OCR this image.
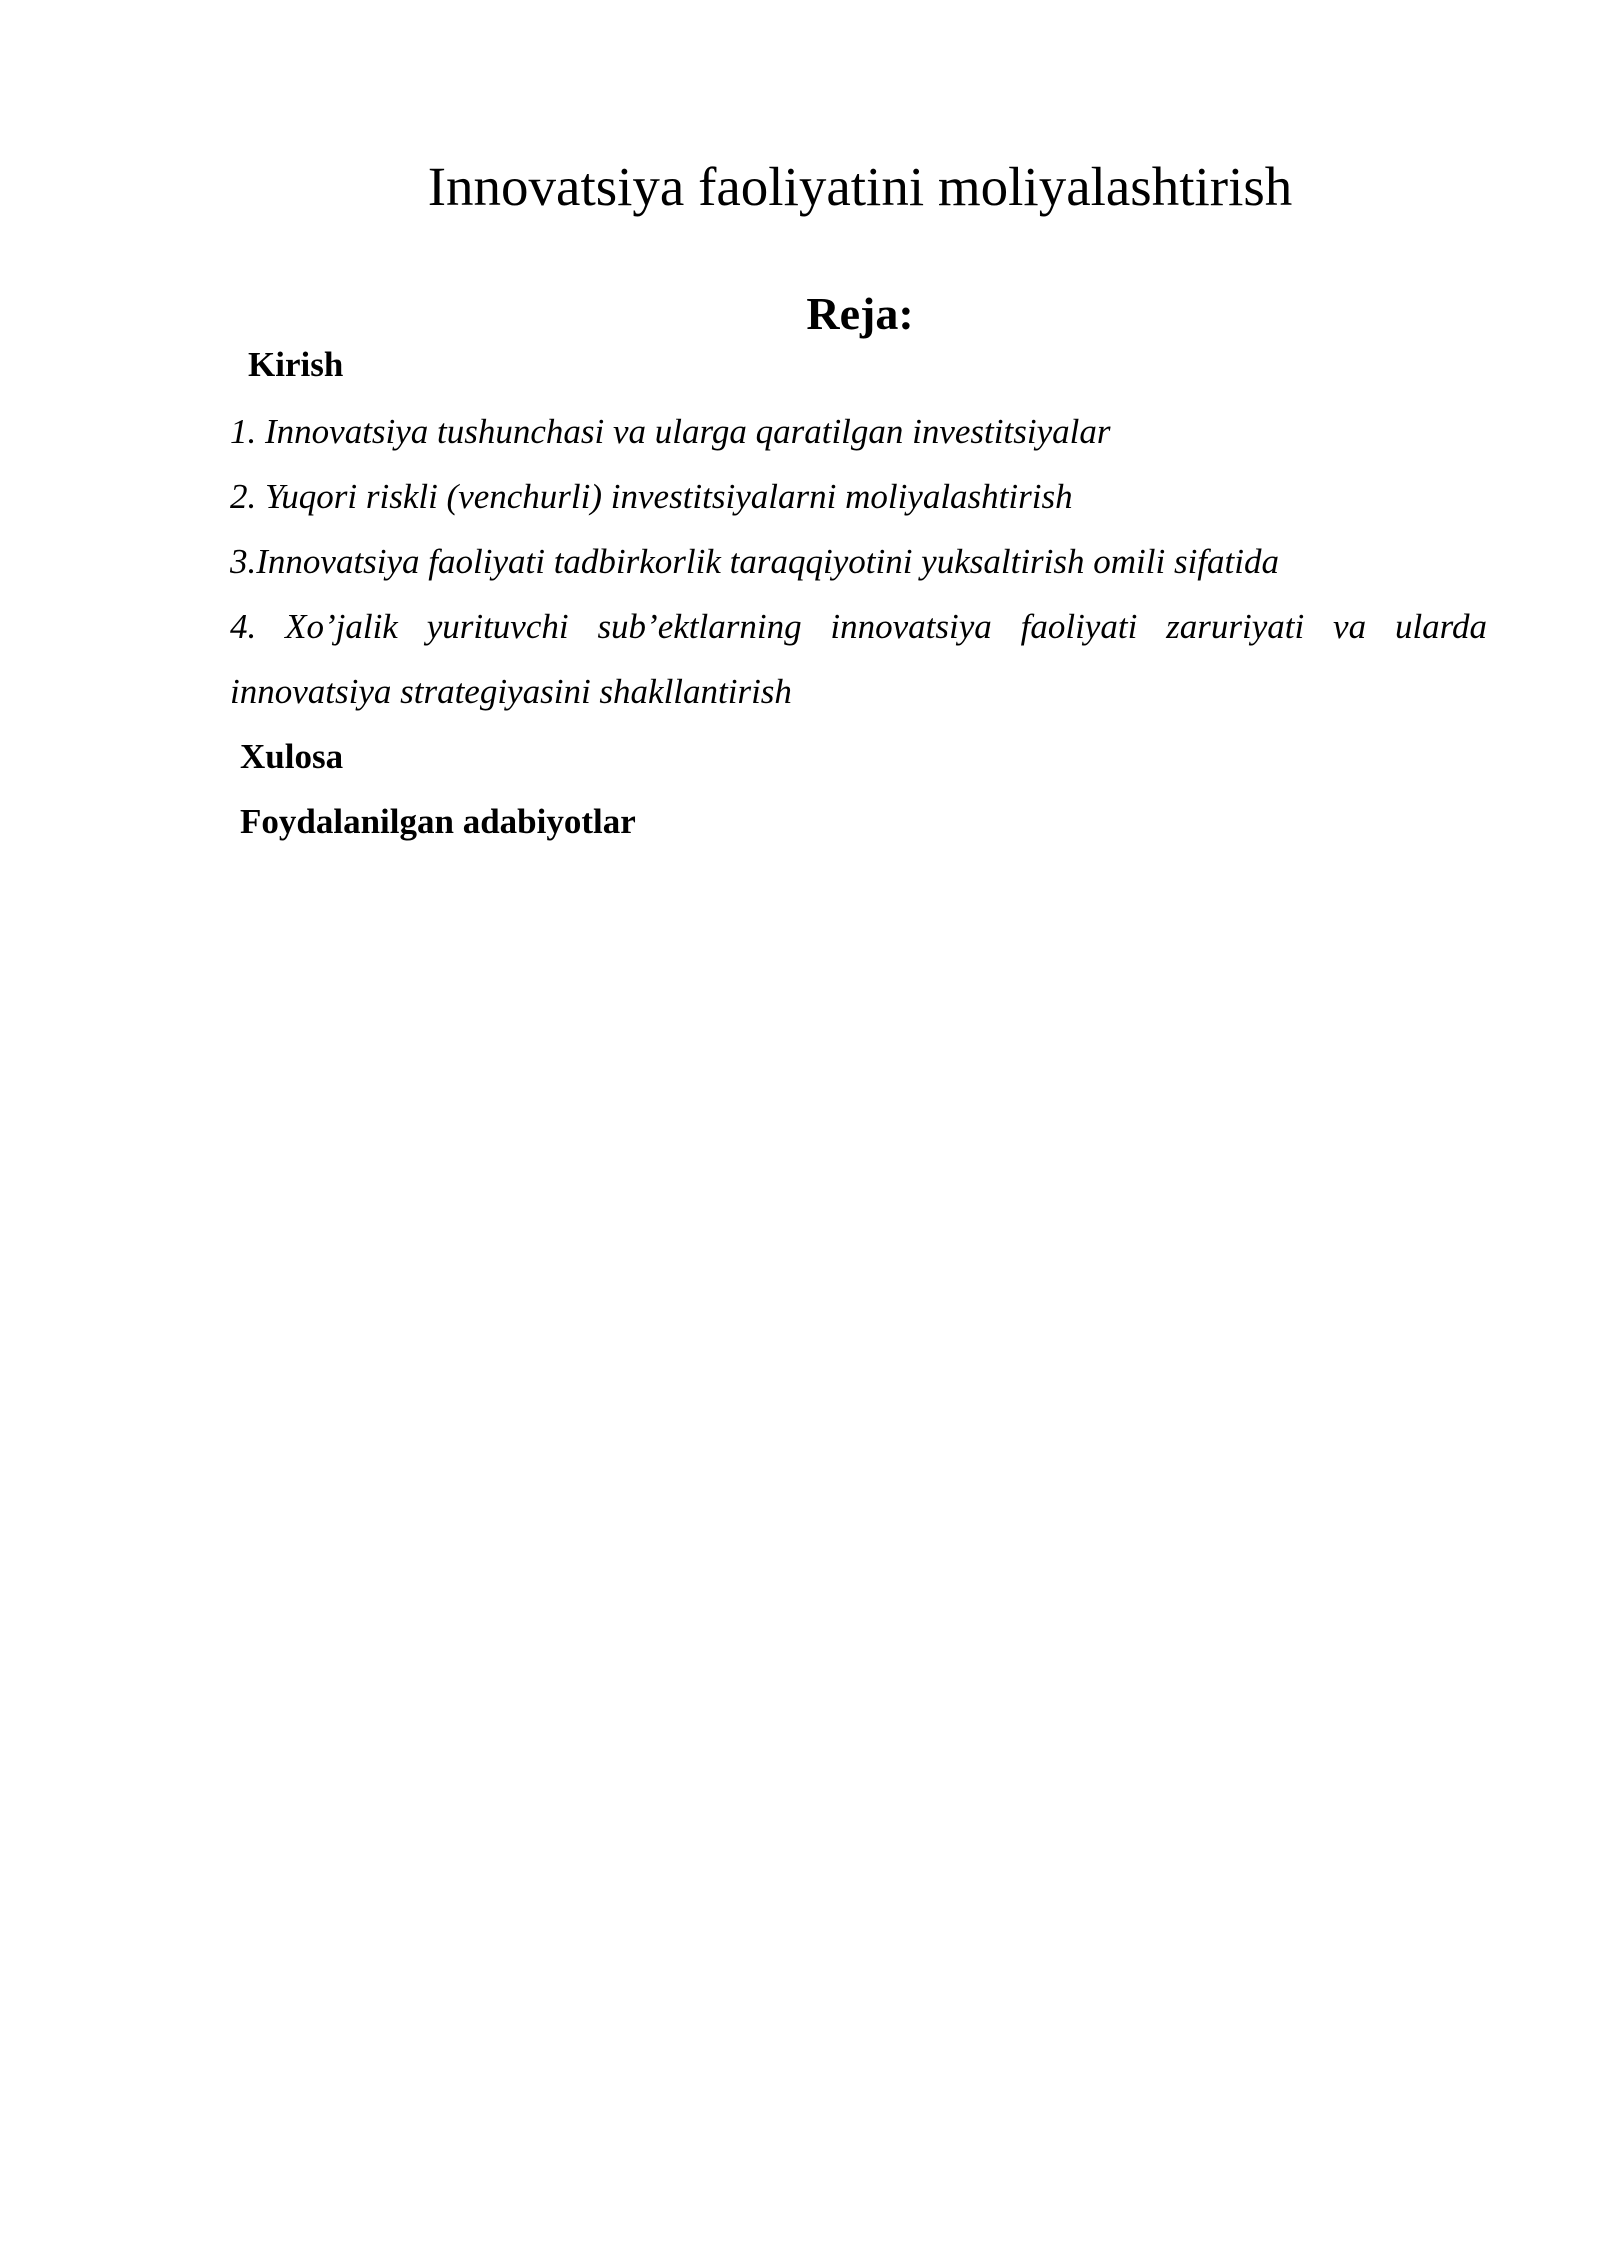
Innovatsiya faoliyatini moliyalashtirish
Reja:

Kirish

1. Innovatsiya tushunchasi va ularga qaratilgan investitsiyalar

2. Yuqori riskli (venchurli) investitsiyalarni moliyalashtirish

3.Innovatsiya faoliyati tadbirkorlik taraqqiyotini yuksaltirish omili sifatida

4. Xo’jalik yurituvchi sub’ektlarning innovatsiya faoliyati zaruriyati va ularda

innovatsiya strategiyasini shakllantirish

Xulosa

Foydalanilgan adabiyotlar
